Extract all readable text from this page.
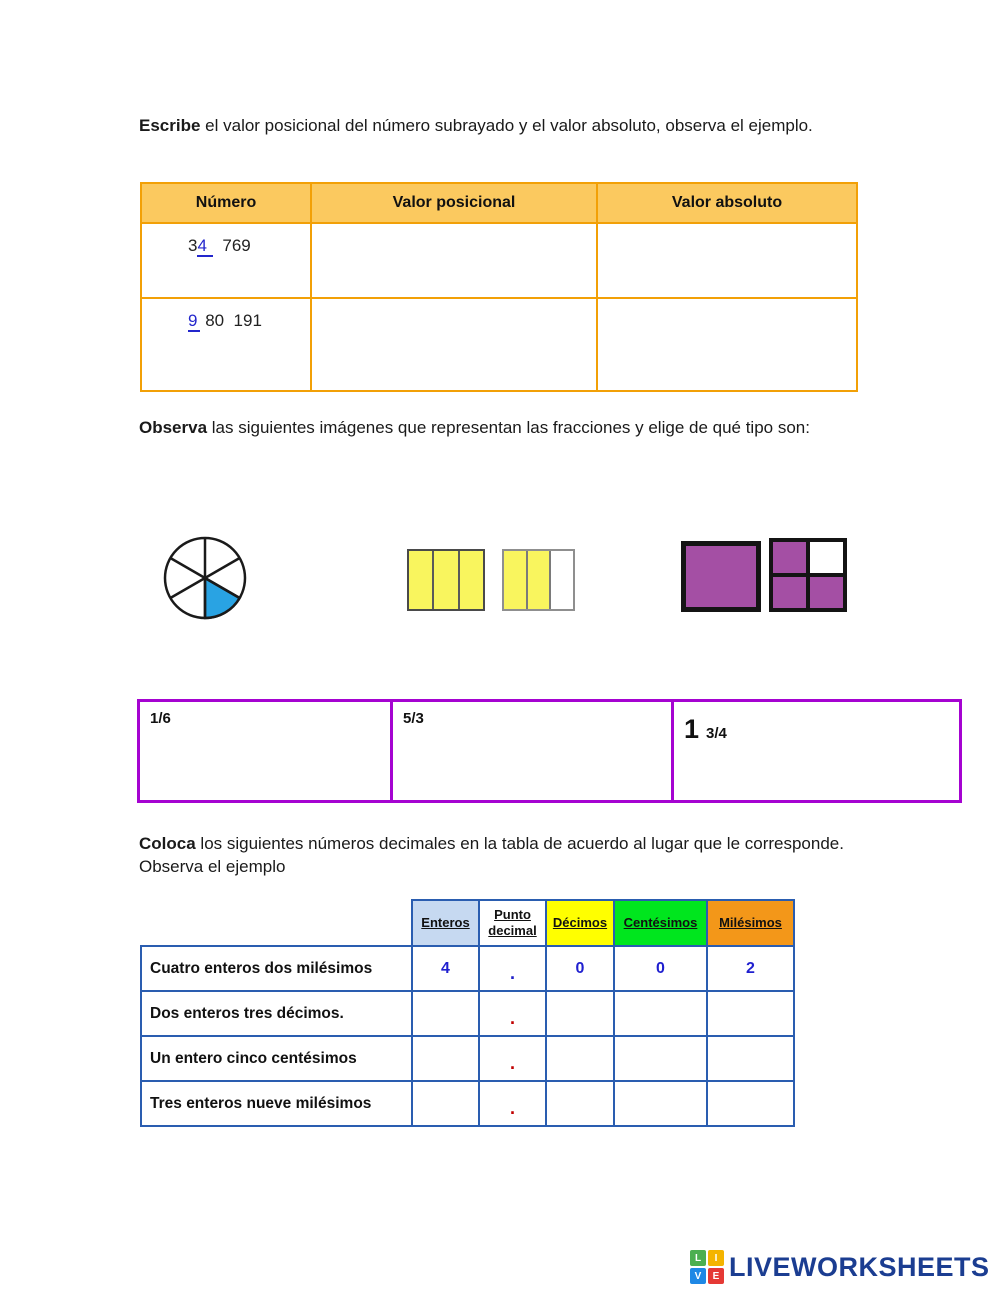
Escribe el valor posicional del número subrayado y el valor absoluto, observa el ejemplo.

Número	Valor posicional	Valor absoluto
34  769		
9 80  191		

Observa las siguientes imágenes que representan las fracciones y elige de qué tipo son:

1/6	5/3	1 3/4

Coloca los siguientes números decimales en la tabla de acuerdo al lugar que le corresponde. Observa el ejemplo

	Enteros	Punto decimal	Décimos	Centésimos	Milésimos
Cuatro enteros dos milésimos	4	.	0	0	2
Dos enteros tres décimos.		.			
Un entero cinco centésimos		.			
Tres enteros nueve milésimos		.			
L	I
V	E LIVEWORKSHEETS
